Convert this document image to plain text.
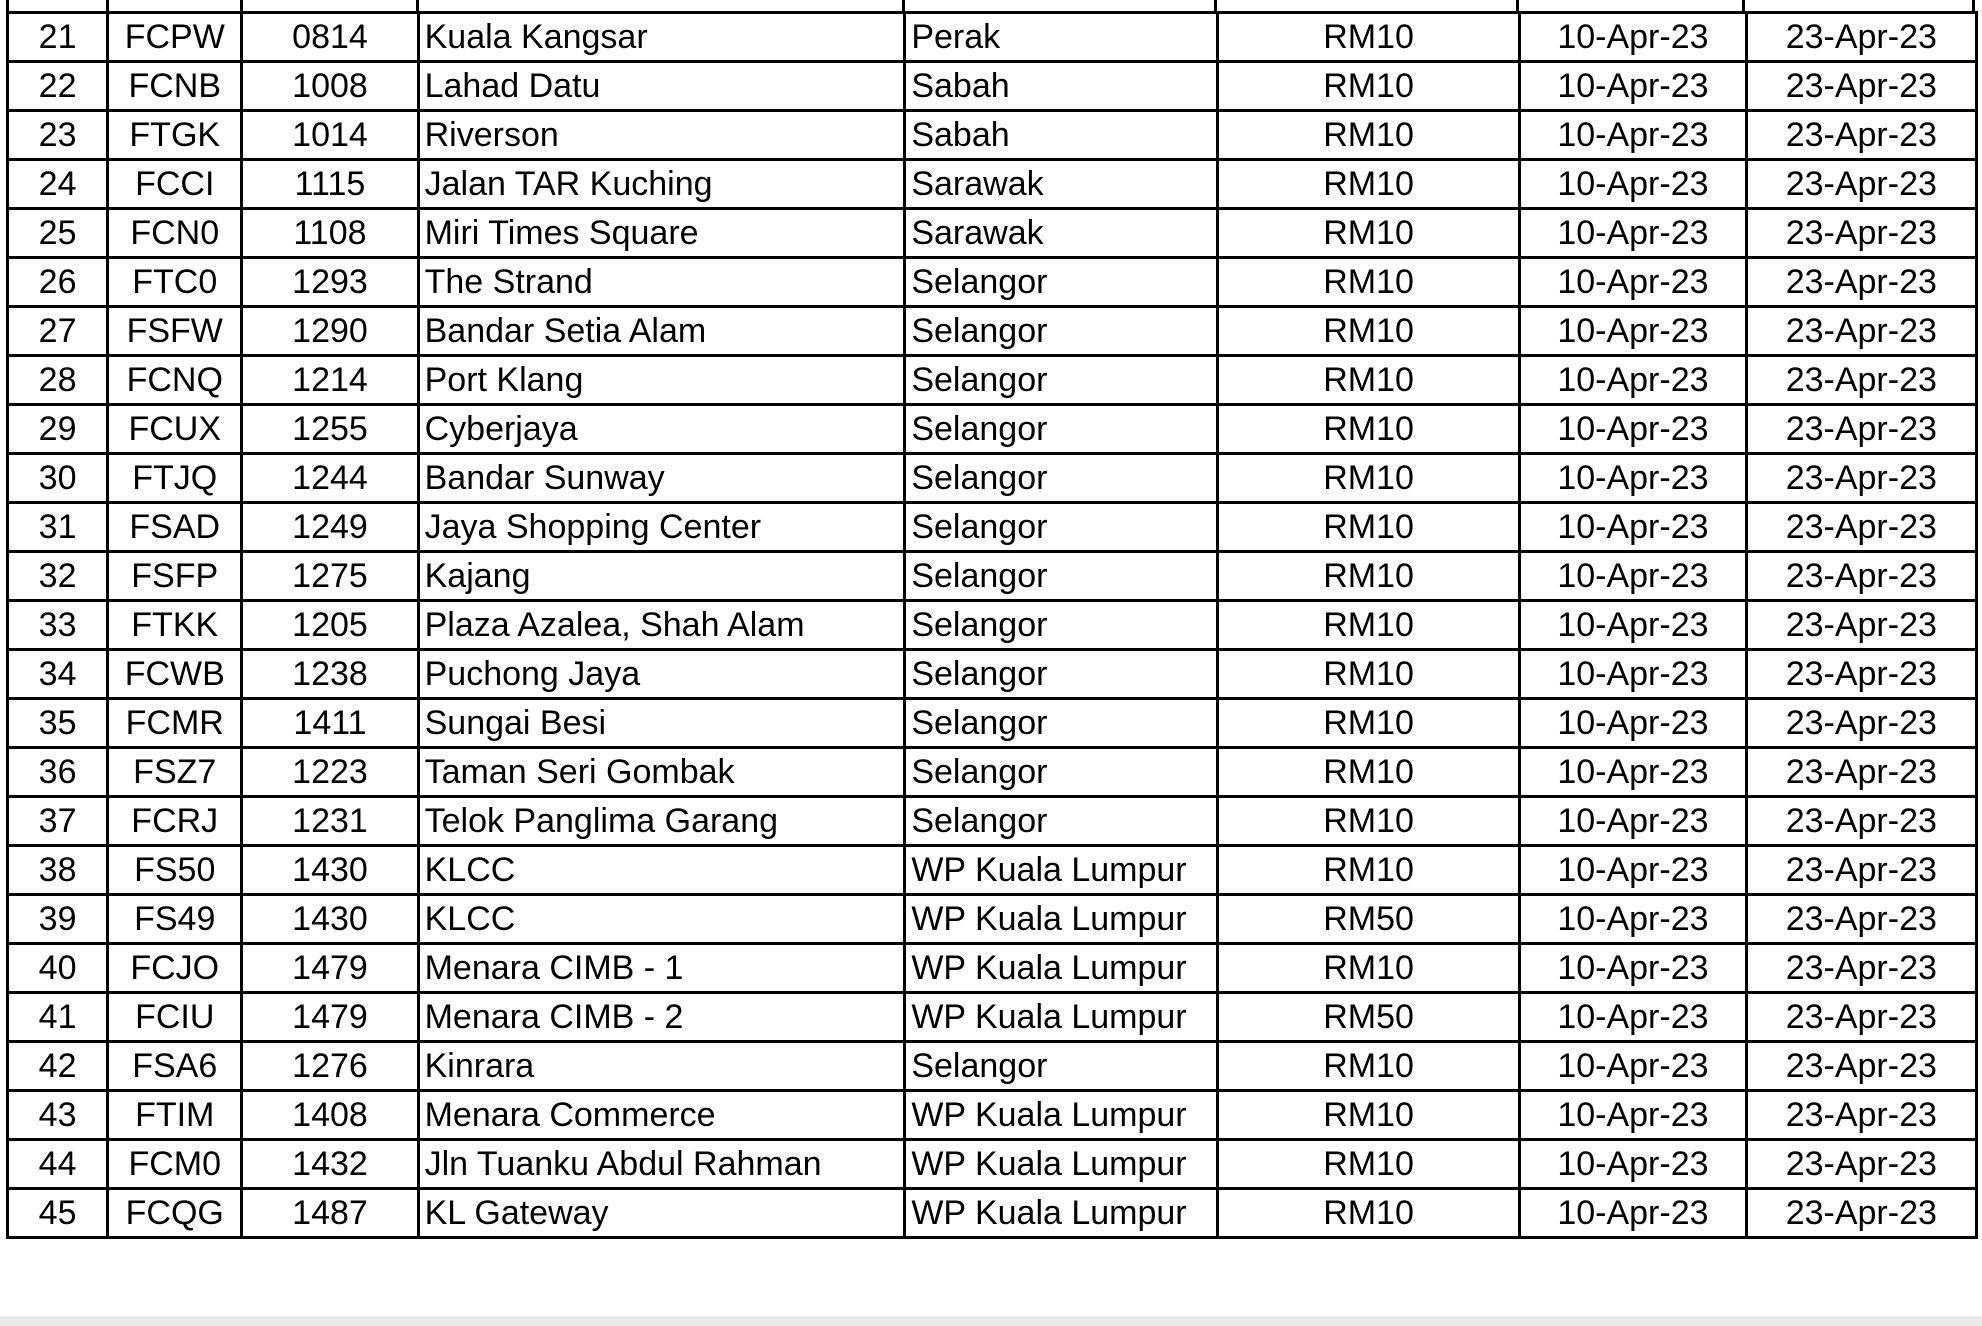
21	FCPW	0814	Kuala Kangsar	Perak	RM10	10-Apr-23	23-Apr-23
22	FCNB	1008	Lahad Datu	Sabah	RM10	10-Apr-23	23-Apr-23
23	FTGK	1014	Riverson	Sabah	RM10	10-Apr-23	23-Apr-23
24	FCCI	1115	Jalan TAR Kuching	Sarawak	RM10	10-Apr-23	23-Apr-23
25	FCN0	1108	Miri Times Square	Sarawak	RM10	10-Apr-23	23-Apr-23
26	FTC0	1293	The Strand	Selangor	RM10	10-Apr-23	23-Apr-23
27	FSFW	1290	Bandar Setia Alam	Selangor	RM10	10-Apr-23	23-Apr-23
28	FCNQ	1214	Port Klang	Selangor	RM10	10-Apr-23	23-Apr-23
29	FCUX	1255	Cyberjaya	Selangor	RM10	10-Apr-23	23-Apr-23
30	FTJQ	1244	Bandar Sunway	Selangor	RM10	10-Apr-23	23-Apr-23
31	FSAD	1249	Jaya Shopping Center	Selangor	RM10	10-Apr-23	23-Apr-23
32	FSFP	1275	Kajang	Selangor	RM10	10-Apr-23	23-Apr-23
33	FTKK	1205	Plaza Azalea, Shah Alam	Selangor	RM10	10-Apr-23	23-Apr-23
34	FCWB	1238	Puchong Jaya	Selangor	RM10	10-Apr-23	23-Apr-23
35	FCMR	1411	Sungai Besi	Selangor	RM10	10-Apr-23	23-Apr-23
36	FSZ7	1223	Taman Seri Gombak	Selangor	RM10	10-Apr-23	23-Apr-23
37	FCRJ	1231	Telok Panglima Garang	Selangor	RM10	10-Apr-23	23-Apr-23
38	FS50	1430	KLCC	WP Kuala Lumpur	RM10	10-Apr-23	23-Apr-23
39	FS49	1430	KLCC	WP Kuala Lumpur	RM50	10-Apr-23	23-Apr-23
40	FCJO	1479	Menara CIMB - 1	WP Kuala Lumpur	RM10	10-Apr-23	23-Apr-23
41	FCIU	1479	Menara CIMB - 2	WP Kuala Lumpur	RM50	10-Apr-23	23-Apr-23
42	FSA6	1276	Kinrara	Selangor	RM10	10-Apr-23	23-Apr-23
43	FTIM	1408	Menara Commerce	WP Kuala Lumpur	RM10	10-Apr-23	23-Apr-23
44	FCM0	1432	Jln Tuanku Abdul Rahman	WP Kuala Lumpur	RM10	10-Apr-23	23-Apr-23
45	FCQG	1487	KL Gateway	WP Kuala Lumpur	RM10	10-Apr-23	23-Apr-23
